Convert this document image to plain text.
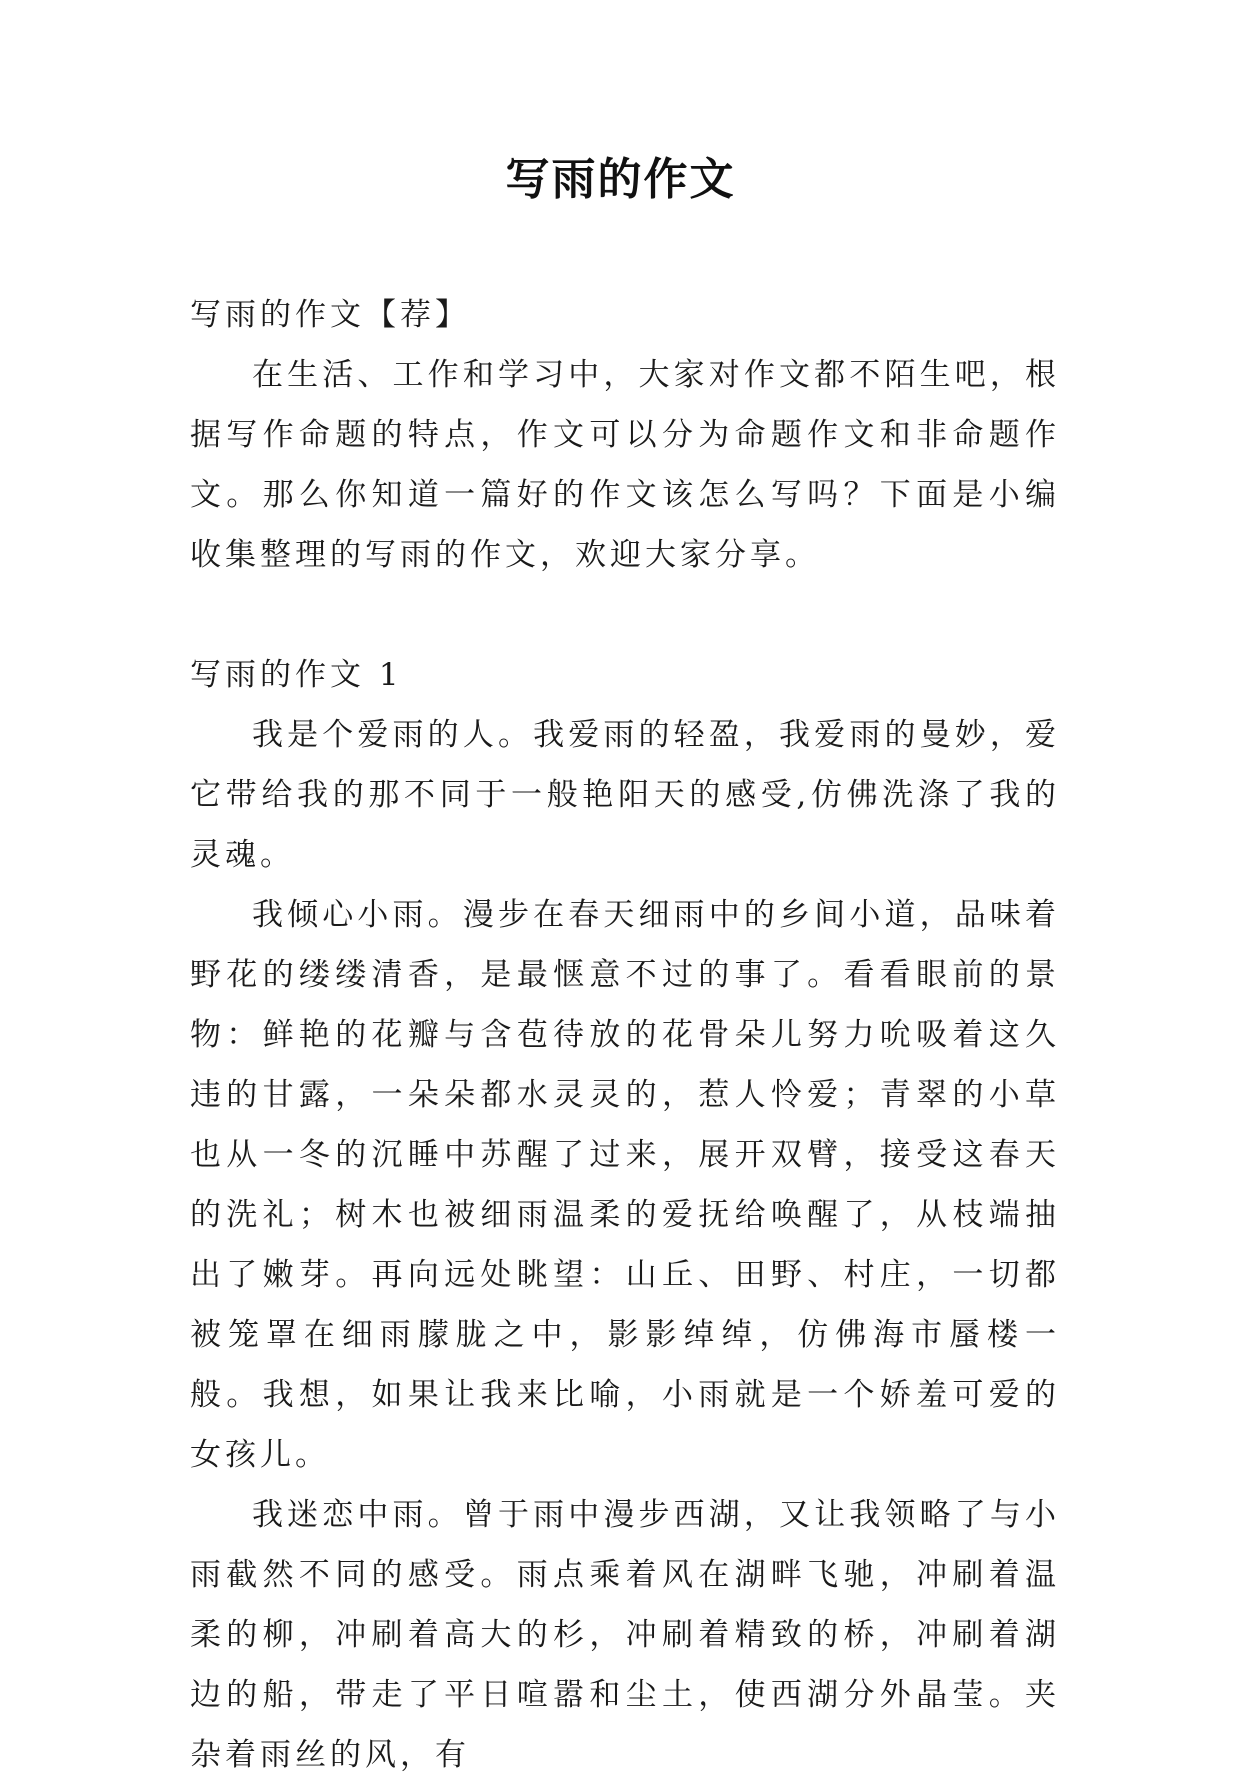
写雨的作文

写雨的作文【荐】

在生活、工作和学习中，大家对作文都不陌生吧，根据写作命题的特点，作文可以分为命题作文和非命题作文。那么你知道一篇好的作文该怎么写吗？下面是小编收集整理的写雨的作文，欢迎大家分享。

写雨的作文 1

我是个爱雨的人。我爱雨的轻盈，我爱雨的曼妙，爱它带给我的那不同于一般艳阳天的感受,仿佛洗涤了我的灵魂。

我倾心小雨。漫步在春天细雨中的乡间小道，品味着野花的缕缕清香，是最惬意不过的事了。看看眼前的景物：鲜艳的花瓣与含苞待放的花骨朵儿努力吮吸着这久违的甘露，一朵朵都水灵灵的，惹人怜爱；青翠的小草也从一冬的沉睡中苏醒了过来，展开双臂，接受这春天的洗礼；树木也被细雨温柔的爱抚给唤醒了，从枝端抽出了嫩芽。再向远处眺望：山丘、田野、村庄，一切都被笼罩在细雨朦胧之中，影影绰绰，仿佛海市蜃楼一般。我想，如果让我来比喻，小雨就是一个娇羞可爱的女孩儿。

我迷恋中雨。曾于雨中漫步西湖，又让我领略了与小雨截然不同的感受。雨点乘着风在湖畔飞驰，冲刷着温柔的柳，冲刷着高大的杉，冲刷着精致的桥，冲刷着湖边的船，带走了平日喧嚣和尘土，使西湖分外晶莹。夹杂着雨丝的风，有
